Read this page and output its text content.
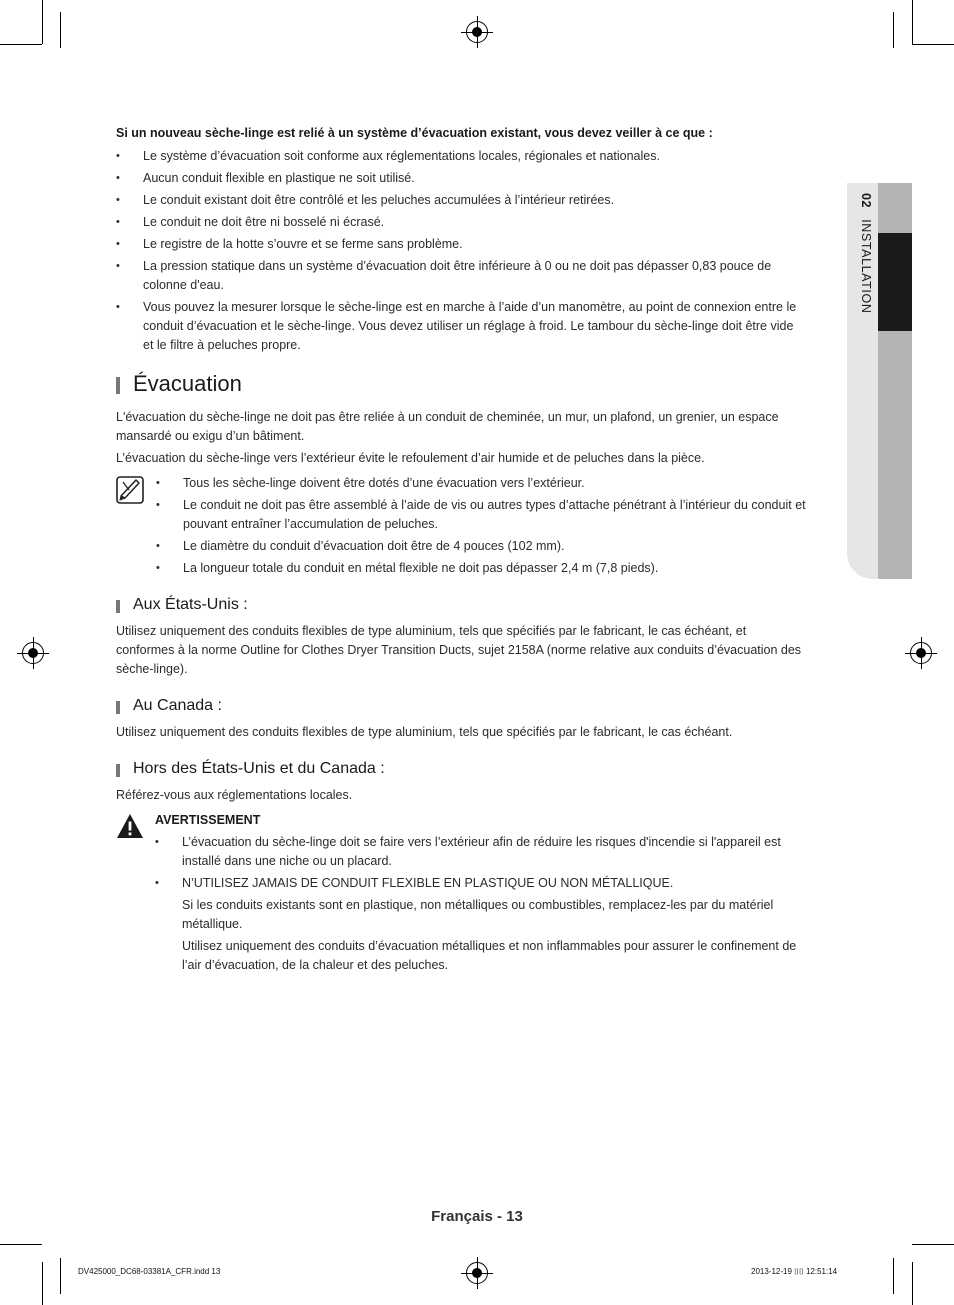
02 INSTALLATION
Si un nouveau sèche-linge est relié à un système d’évacuation existant, vous devez veiller à ce que :
• Le système d’évacuation soit conforme aux réglementations locales, régionales et nationales.
• Aucun conduit flexible en plastique ne soit utilisé.
• Le conduit existant doit être contrôlé et les peluches accumulées à l’intérieur retirées.
• Le conduit ne doit être ni bosselé ni écrasé.
• Le registre de la hotte s’ouvre et se ferme sans problème.
• La pression statique dans un système d’évacuation doit être inférieure à 0 ou ne doit pas dépasser 0,83 pouce de colonne d'eau.
• Vous pouvez la mesurer lorsque le sèche-linge est en marche à l’aide d’un manomètre, au point de connexion entre le conduit d’évacuation et le sèche-linge. Vous devez utiliser un réglage à froid. Le tambour du sèche-linge doit être vide et le filtre à peluches propre.
Évacuation

L'évacuation du sèche-linge ne doit pas être reliée à un conduit de cheminée, un mur, un plafond, un grenier, un espace mansardé ou exigu d’un bâtiment.

L’évacuation du sèche-linge vers l’extérieur évite le refoulement d’air humide et de peluches dans la pièce.

• Tous les sèche-linge doivent être dotés d’une évacuation vers l’extérieur.
• Le conduit ne doit pas être assemblé à l’aide de vis ou autres types d’attache pénétrant à l’intérieur du conduit et pouvant entraîner l’accumulation de peluches.
• Le diamètre du conduit d’évacuation doit être de 4 pouces (102 mm).
• La longueur totale du conduit en métal flexible ne doit pas dépasser 2,4 m (7,8 pieds).
Aux États-Unis :

Utilisez uniquement des conduits flexibles de type aluminium, tels que spécifiés par le fabricant, le cas échéant, et conformes à la norme Outline for Clothes Dryer Transition Ducts, sujet 2158A (norme relative aux conduits d’évacuation des sèche-linge).

Au Canada :

Utilisez uniquement des conduits flexibles de type aluminium, tels que spécifiés par le fabricant, le cas échéant.

Hors des États-Unis et du Canada :

Référez-vous aux réglementations locales.

AVERTISSEMENT
• L’évacuation du sèche-linge doit se faire vers l’extérieur afin de réduire les risques d'incendie si l'appareil est installé dans une niche ou un placard.
• N’UTILISEZ JAMAIS DE CONDUIT FLEXIBLE EN PLASTIQUE OU NON MÉTALLIQUE.
Si les conduits existants sont en plastique, non métalliques ou combustibles, remplacez-les par du matériel métallique.
Utilisez uniquement des conduits d’évacuation métalliques et non inflammables pour assurer le confinement de l’air d’évacuation, de la chaleur et des peluches.
Français - 13
DV425000_DC68-03381A_CFR.indd 13	2013-12-19 ⌷⌷ 12:51:14
